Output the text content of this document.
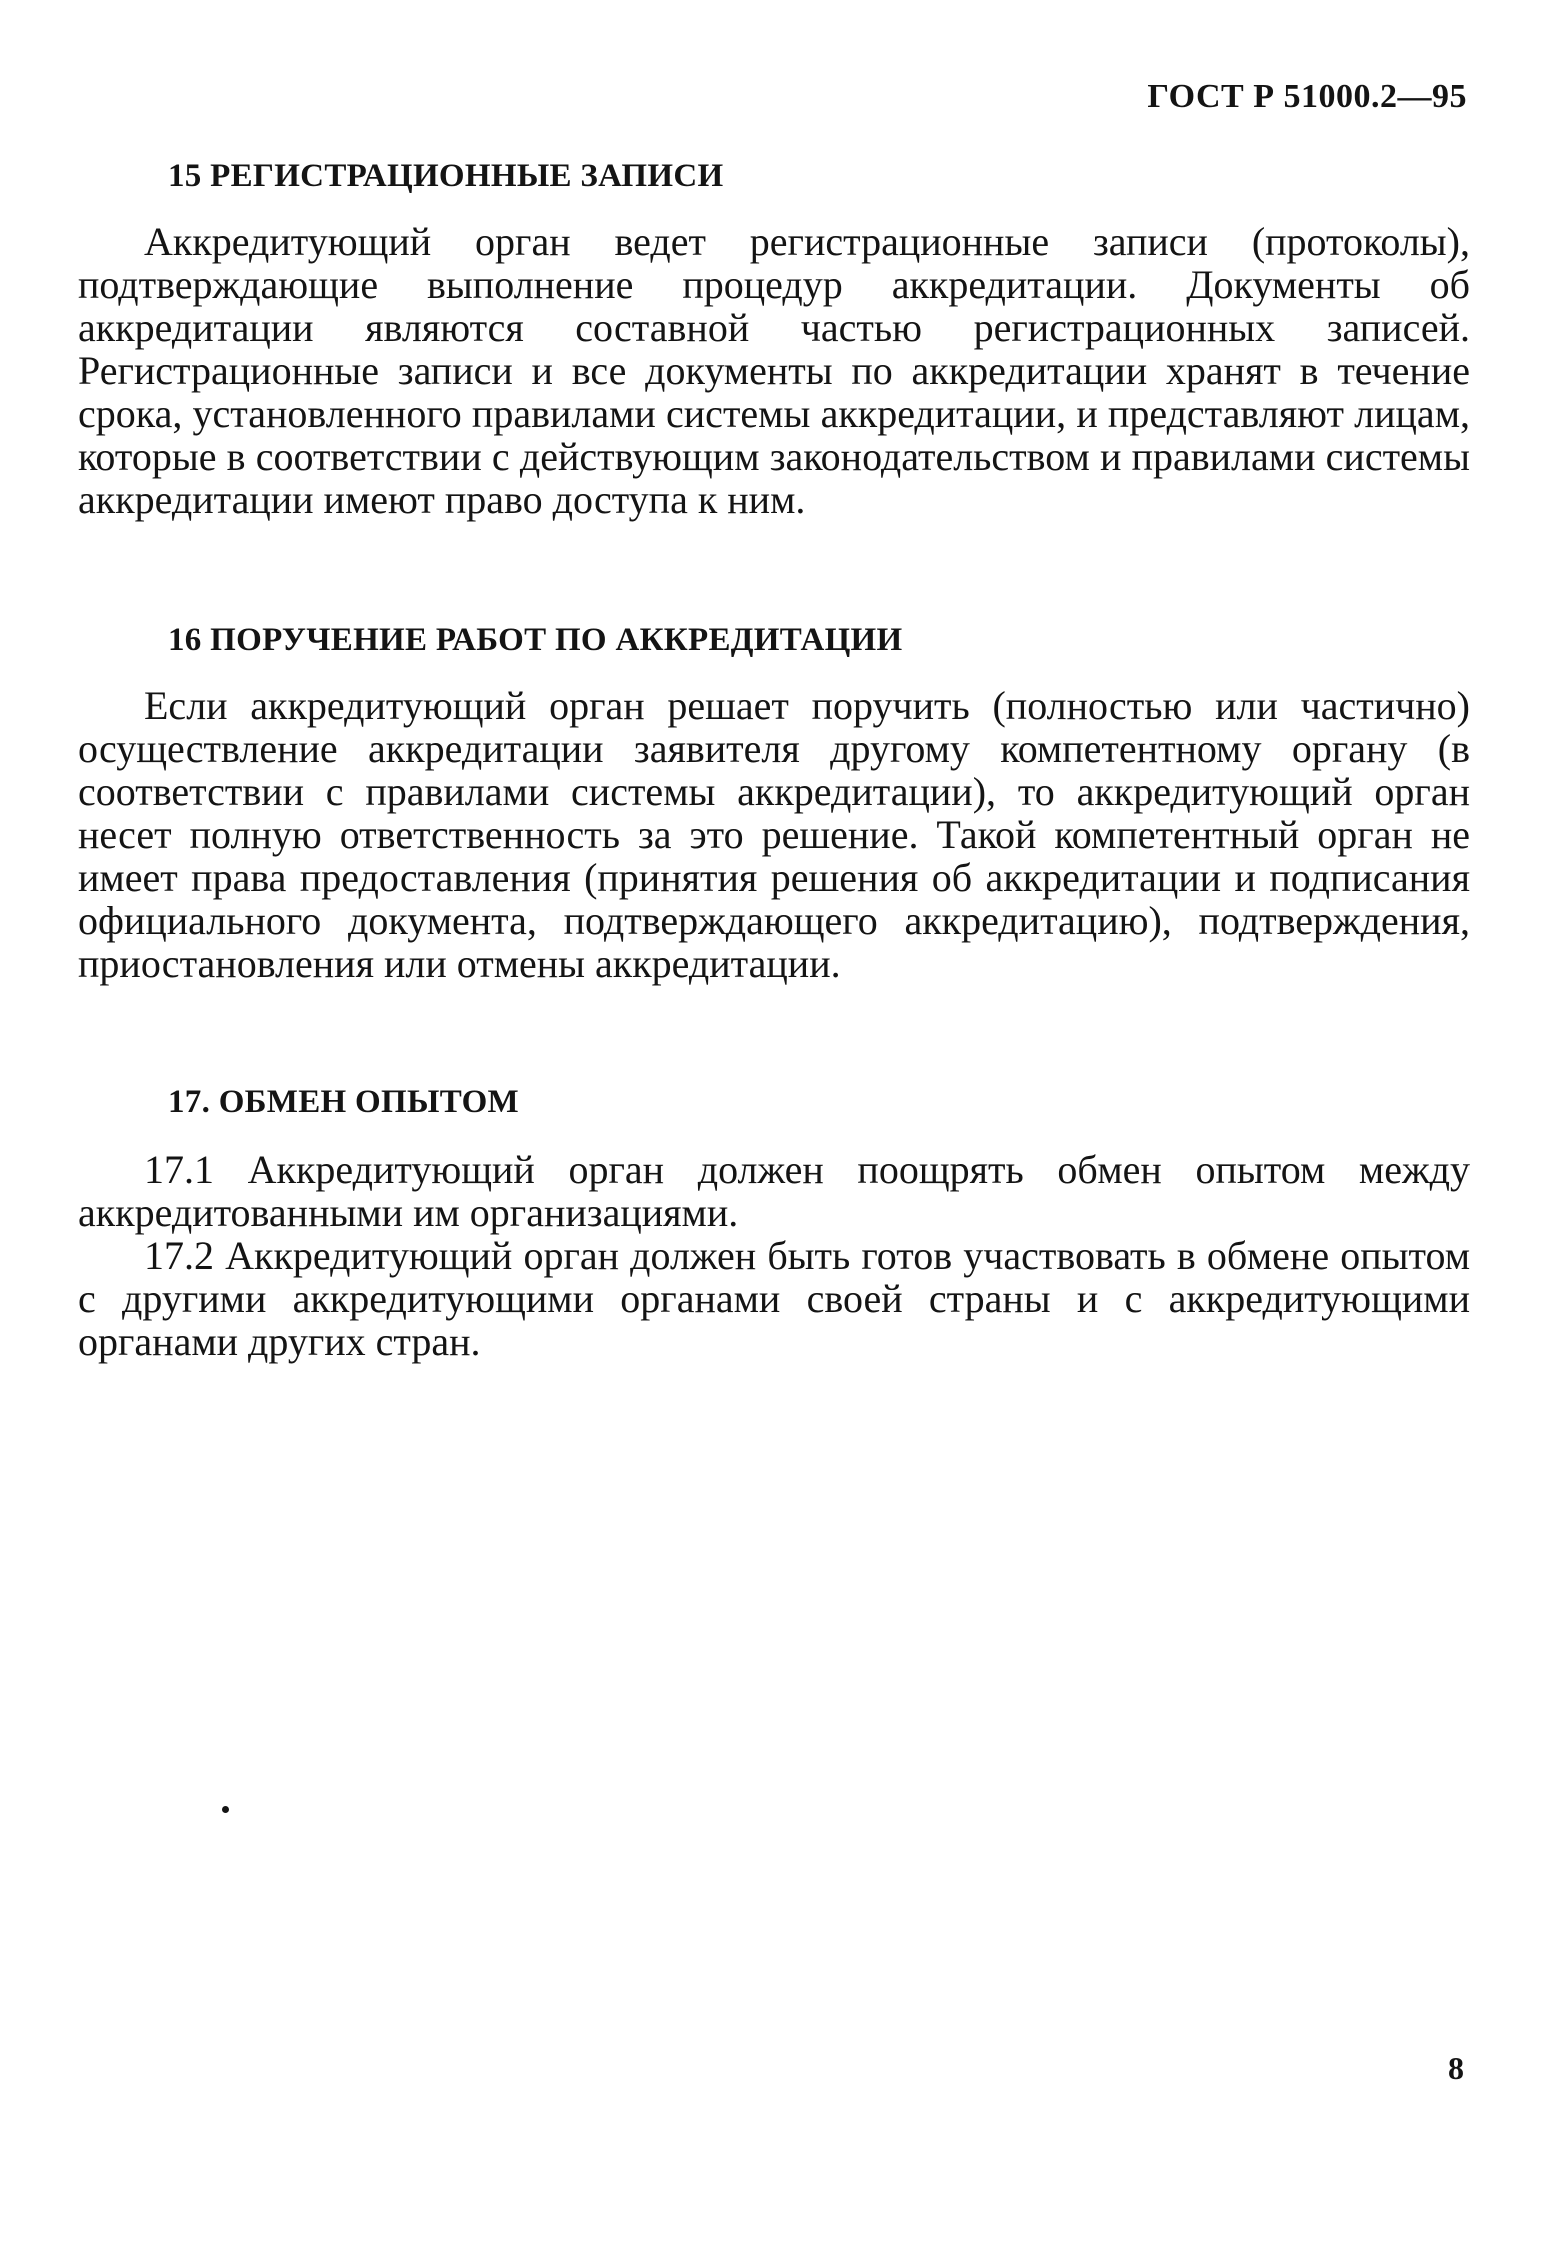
ГОСТ Р 51000.2—95
15 РЕГИСТРАЦИОННЫЕ ЗАПИСИ

Аккредитующий орган ведет регистрационные записи (протоколы), подтверждающие выполнение процедур аккредитации. Документы об аккредитации являются составной частью регистрационных записей. Регистрационные записи и все документы по аккредитации хранят в течение срока, установленного правилами системы аккредитации, и представляют лицам, которые в соответствии с действующим законодательством и правилами системы аккредитации имеют право доступа к ним.

16 ПОРУЧЕНИЕ РАБОТ ПО АККРЕДИТАЦИИ

Если аккредитующий орган решает поручить (полностью или частично) осуществление аккредитации заявителя другому компетентному органу (в соответствии с правилами системы аккредитации), то аккредитующий орган несет полную ответственность за это решение. Такой компетентный орган не имеет права предоставления (принятия решения об аккредитации и подписания официального документа, подтверждающего аккредитацию), подтверждения, приостановления или отмены аккредитации.

17. ОБМЕН ОПЫТОМ

17.1 Аккредитующий орган должен поощрять обмен опытом между аккредитованными им организациями.

17.2 Аккредитующий орган должен быть готов участвовать в обмене опытом с другими аккредитующими органами своей страны и с аккредитующими органами других стран.

8
